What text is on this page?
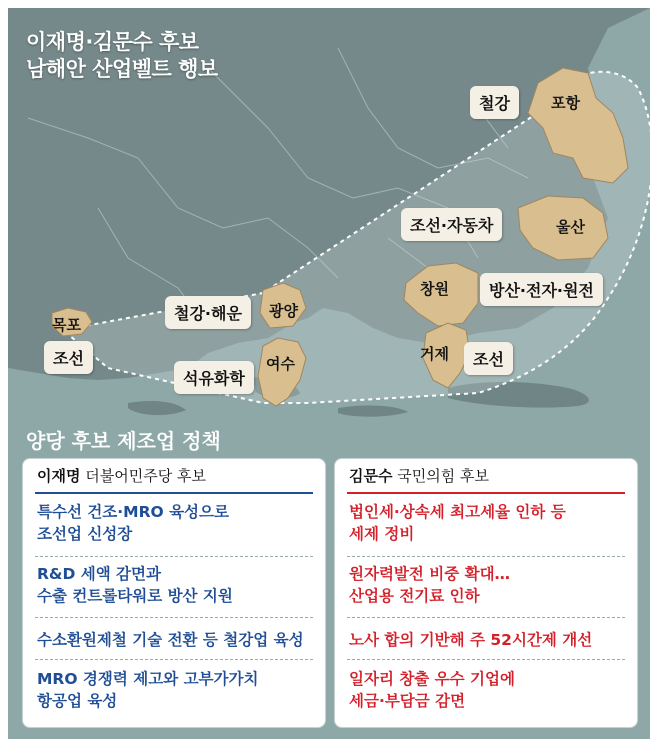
이재명·김문수 후보
남해안 산업벨트 행보
포항
울산
창원
거제
광양
여수
목포
철강
조선·자동차
방산·전자·원전
조선
철강·해운
석유화학
조선
양당 후보 제조업 정책
이재명 더불어민주당 후보
특수선 건조·MRO 육성으로
조선업 신성장
R&D 세액 감면과
수출 컨트롤타워로 방산 지원
수소환원제철 기술 전환 등 철강업 육성
MRO 경쟁력 제고와 고부가가치
항공업 육성
김문수 국민의힘 후보
법인세·상속세 최고세율 인하 등
세제 정비
원자력발전 비중 확대…
산업용 전기료 인하
노사 합의 기반해 주 52시간제 개선
일자리 창출 우수 기업에
세금·부담금 감면
